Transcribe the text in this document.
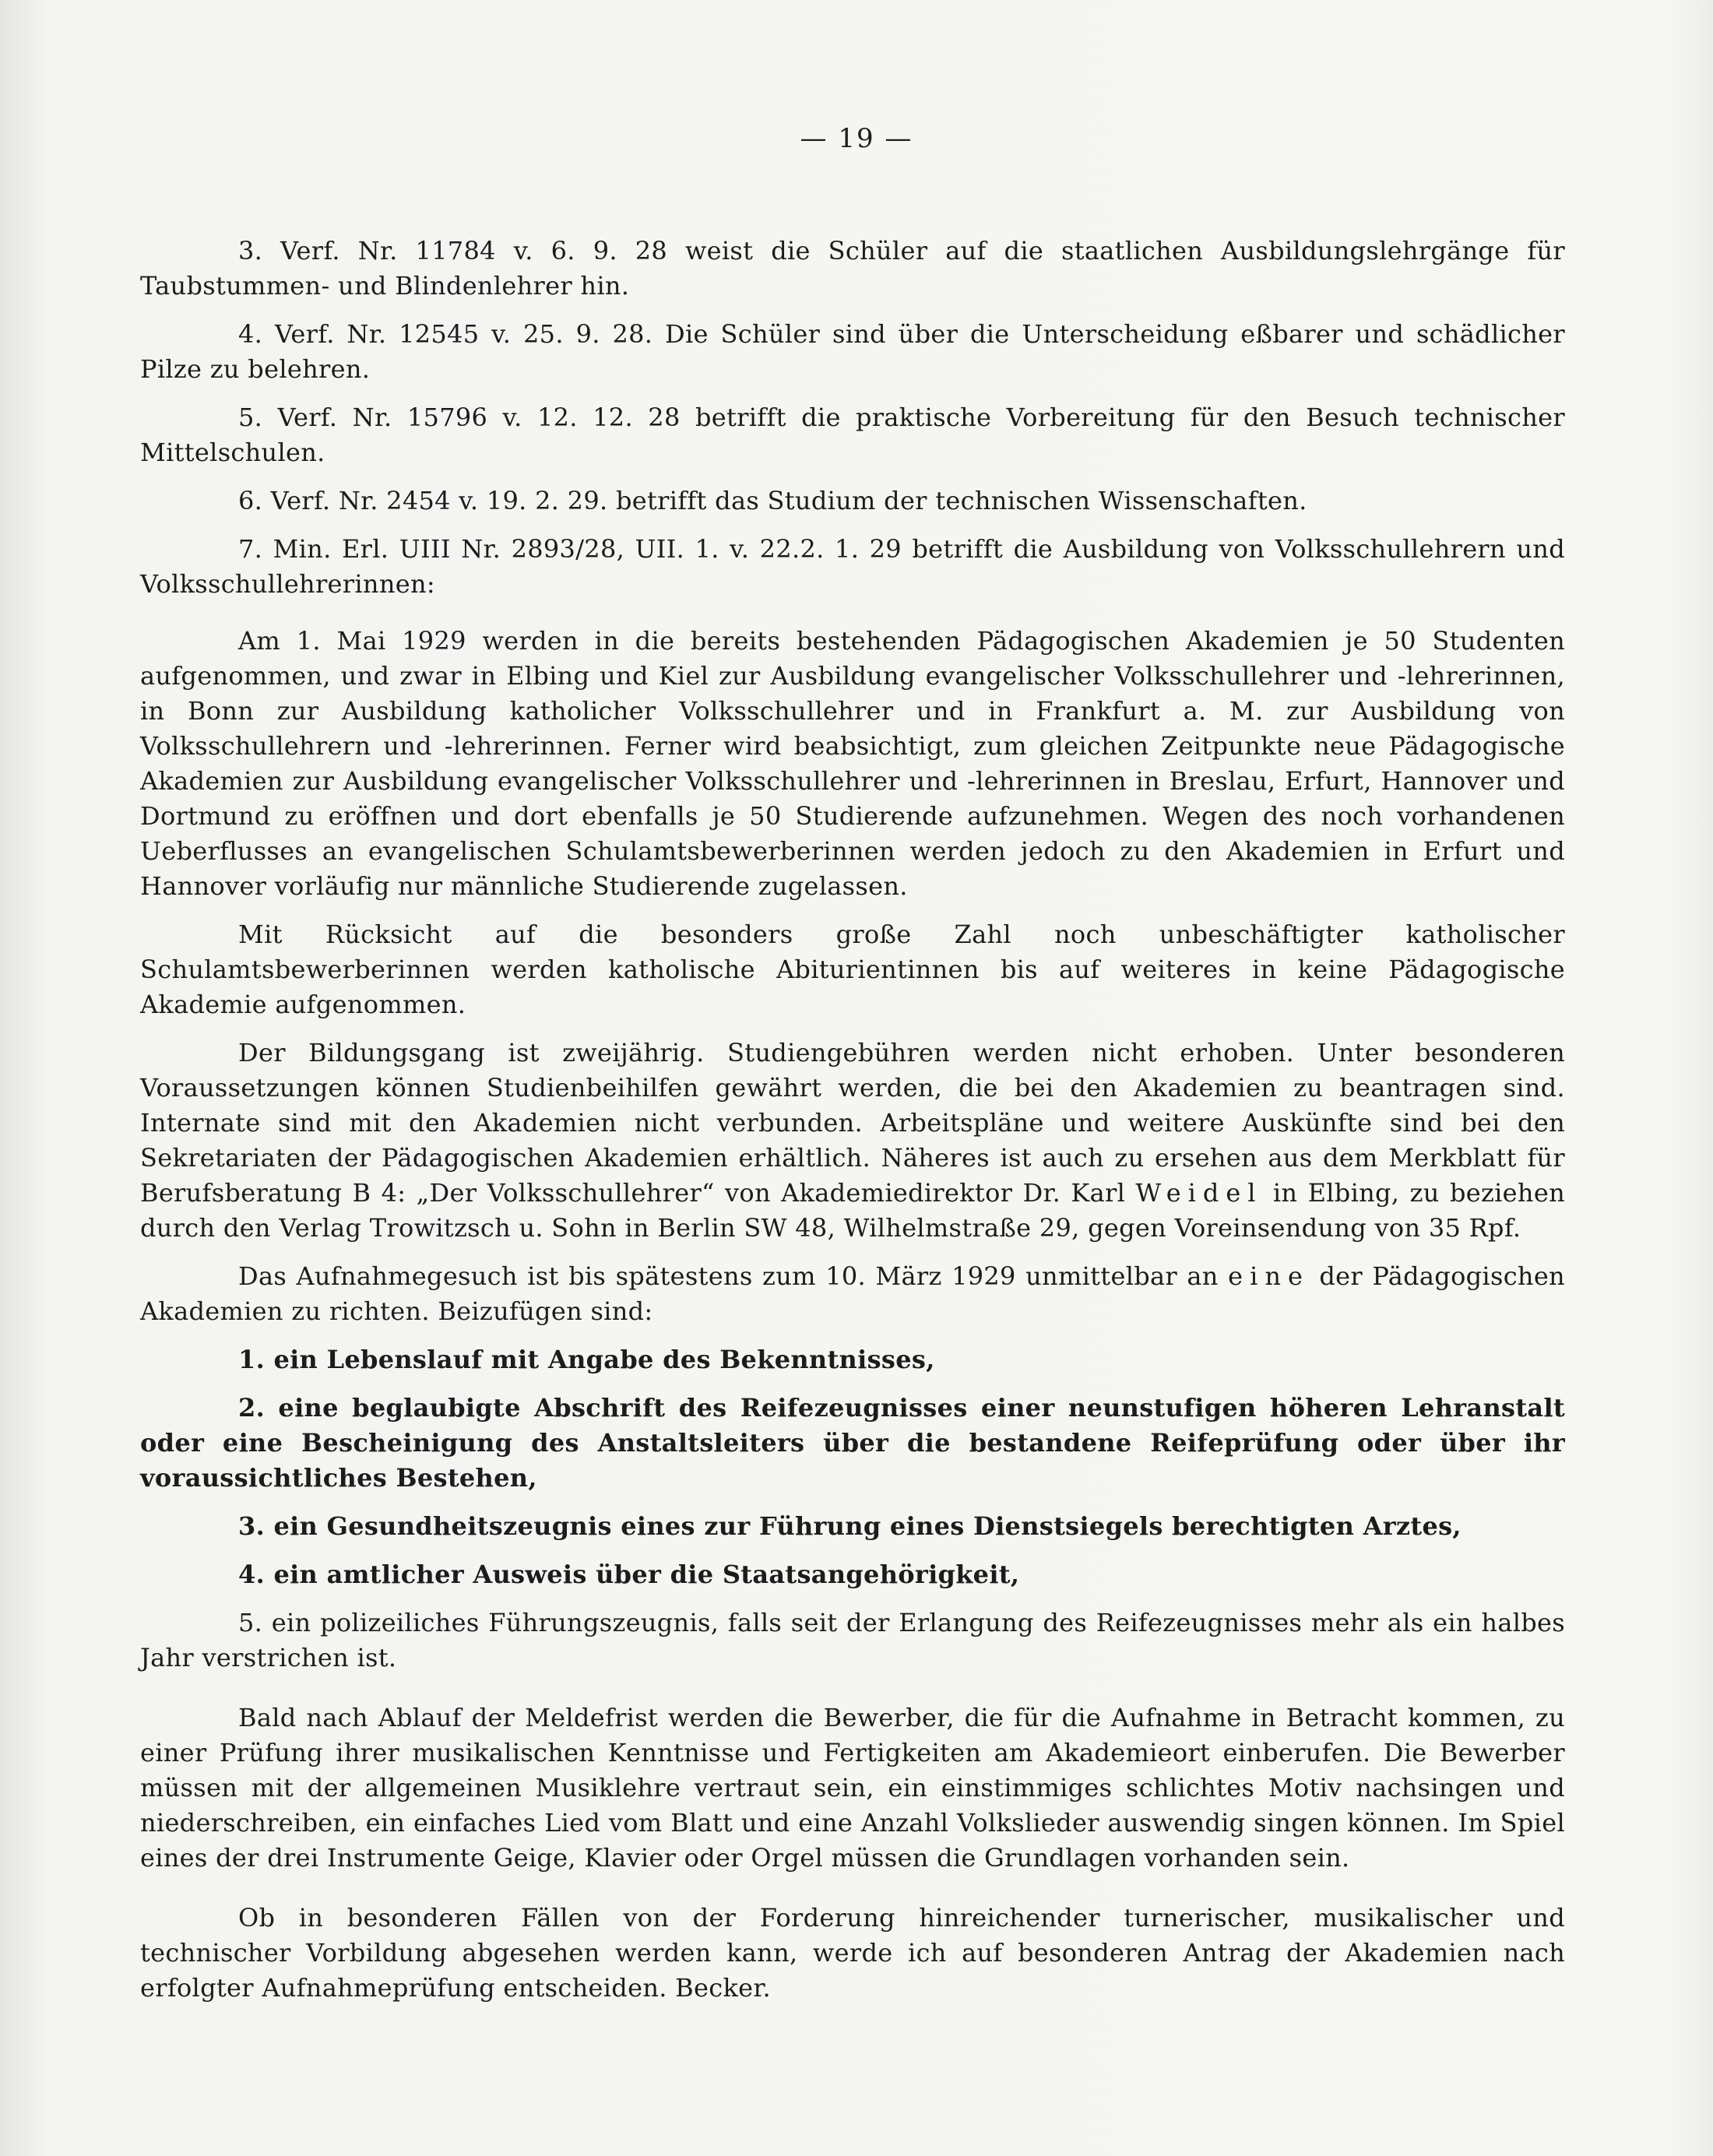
— 19 —

3. Verf. Nr. 11784 v. 6. 9. 28 weist die Schüler auf die staatlichen Ausbildungslehrgänge für Taubstummen- und Blindenlehrer hin.

4. Verf. Nr. 12545 v. 25. 9. 28. Die Schüler sind über die Unterscheidung eßbarer und schädlicher Pilze zu belehren.

5. Verf. Nr. 15796 v. 12. 12. 28 betrifft die praktische Vorbereitung für den Besuch technischer Mittelschulen.

6. Verf. Nr. 2454 v. 19. 2. 29. betrifft das Studium der technischen Wissenschaften.

7. Min. Erl. UIII Nr. 2893/28, UII. 1. v. 22.2. 1. 29 betrifft die Ausbildung von Volksschullehrern und Volksschullehrerinnen:

Am 1. Mai 1929 werden in die bereits bestehenden Pädagogischen Akademien je 50 Studenten aufgenommen, und zwar in Elbing und Kiel zur Ausbildung evangelischer Volksschullehrer und -lehrerinnen, in Bonn zur Ausbildung katholicher Volksschullehrer und in Frankfurt a. M. zur Ausbildung von Volksschullehrern und -lehrerinnen. Ferner wird beabsichtigt, zum gleichen Zeitpunkte neue Pädagogische Akademien zur Ausbildung evangelischer Volksschullehrer und -lehrerinnen in Breslau, Erfurt, Hannover und Dortmund zu eröffnen und dort ebenfalls je 50 Studierende aufzunehmen. Wegen des noch vorhandenen Ueberflusses an evangelischen Schulamtsbewerberinnen werden jedoch zu den Akademien in Erfurt und Hannover vorläufig nur männliche Studierende zugelassen.

Mit Rücksicht auf die besonders große Zahl noch unbeschäftigter katholischer Schulamtsbewerberinnen werden katholische Abiturientinnen bis auf weiteres in keine Pädagogische Akademie aufgenommen.

Der Bildungsgang ist zweijährig. Studiengebühren werden nicht erhoben. Unter besonderen Voraussetzungen können Studienbeihilfen gewährt werden, die bei den Akademien zu beantragen sind. Internate sind mit den Akademien nicht verbunden. Arbeitspläne und weitere Auskünfte sind bei den Sekretariaten der Pädagogischen Akademien erhältlich. Näheres ist auch zu ersehen aus dem Merkblatt für Berufsberatung B 4: „Der Volksschullehrer“ von Akademiedirektor Dr. Karl Weidel in Elbing, zu beziehen durch den Verlag Trowitzsch u. Sohn in Berlin SW 48, Wilhelmstraße 29, gegen Voreinsendung von 35 Rpf.

Das Aufnahmegesuch ist bis spätestens zum 10. März 1929 unmittelbar an eine der Pädagogischen Akademien zu richten. Beizufügen sind:

1. ein Lebenslauf mit Angabe des Bekenntnisses,

2. eine beglaubigte Abschrift des Reifezeugnisses einer neunstufigen höheren Lehranstalt oder eine Bescheinigung des Anstaltsleiters über die bestandene Reifeprüfung oder über ihr voraussichtliches Bestehen,

3. ein Gesundheitszeugnis eines zur Führung eines Dienstsiegels berechtigten Arztes,

4. ein amtlicher Ausweis über die Staatsangehörigkeit,

5. ein polizeiliches Führungszeugnis, falls seit der Erlangung des Reifezeugnisses mehr als ein halbes Jahr verstrichen ist.

Bald nach Ablauf der Meldefrist werden die Bewerber, die für die Aufnahme in Betracht kommen, zu einer Prüfung ihrer musikalischen Kenntnisse und Fertigkeiten am Akademieort einberufen. Die Bewerber müssen mit der allgemeinen Musiklehre vertraut sein, ein einstimmiges schlichtes Motiv nachsingen und niederschreiben, ein einfaches Lied vom Blatt und eine Anzahl Volkslieder auswendig singen können. Im Spiel eines der drei Instrumente Geige, Klavier oder Orgel müssen die Grundlagen vorhanden sein.

Ob in besonderen Fällen von der Forderung hinreichender turnerischer, musikalischer und technischer Vorbildung abgesehen werden kann, werde ich auf besonderen Antrag der Akademien nach erfolgter Aufnahmeprüfung entscheiden. Becker.
